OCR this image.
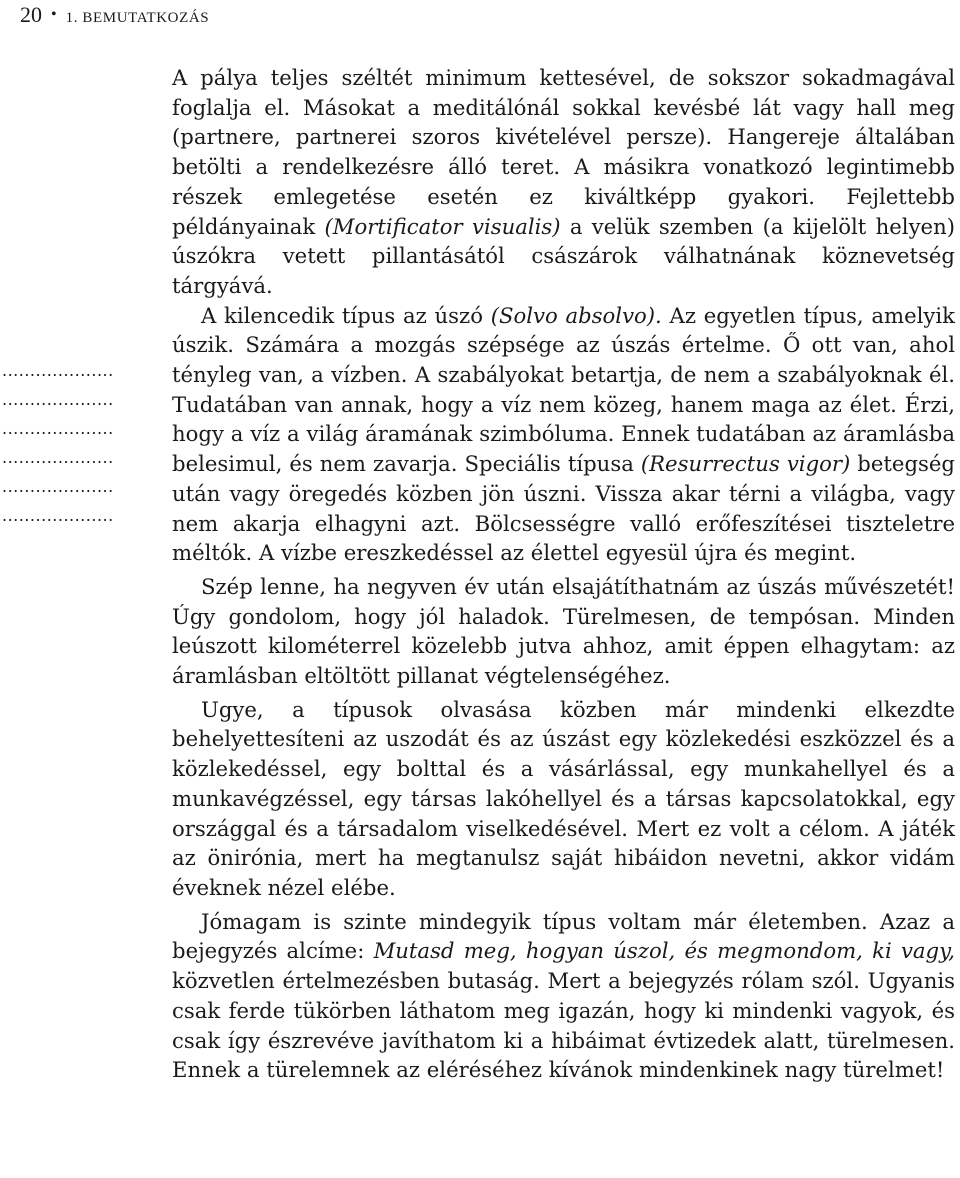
20 • 1. BEMUTATKOZÁS
....................
....................
....................
....................
....................
....................

A pálya teljes széltét minimum kettesével, de sokszor sokadmagával foglalja el. Másokat a meditálónál sokkal kevésbé lát vagy hall meg (partnere, partnerei szoros kivételével persze). Hangereje általában betölti a rendelkezésre álló teret. A másikra vonatkozó legintimebb részek emlegetése esetén ez kiváltképp gyakori. Fejlettebb példányainak (Mortificator visualis) a velük szemben (a kijelölt helyen) úszókra vetett pillantásától császárok válhatnának köznevetség tárgyává.

A kilencedik típus az úszó (Solvo absolvo). Az egyetlen típus, amelyik úszik. Számára a mozgás szépsége az úszás értelme. Ő ott van, ahol tényleg van, a vízben. A szabályokat betartja, de nem a szabályoknak él. Tudatában van annak, hogy a víz nem közeg, hanem maga az élet. Érzi, hogy a víz a világ áramának szimbóluma. Ennek tudatában az áramlásba belesimul, és nem zavarja. Speciális típusa (Resurrectus vigor) betegség után vagy öregedés közben jön úszni. Vissza akar térni a világba, vagy nem akarja elhagyni azt. Bölcsességre valló erőfeszítései tiszteletre méltók. A vízbe ereszkedéssel az élettel egyesül újra és megint.

Szép lenne, ha negyven év után elsajátíthatnám az úszás művészetét! Úgy gondolom, hogy jól haladok. Türelmesen, de tempósan. Minden leúszott kilométerrel közelebb jutva ahhoz, amit éppen elhagytam: az áramlásban eltöltött pillanat végtelenségéhez.

Ugye, a típusok olvasása közben már mindenki elkezdte behelyettesíteni az uszodát és az úszást egy közlekedési eszközzel és a közlekedéssel, egy bolttal és a vásárlással, egy munkahellyel és a munkavégzéssel, egy társas lakóhellyel és a társas kapcsolatokkal, egy országgal és a társadalom viselkedésével. Mert ez volt a célom. A játék az önirónia, mert ha megtanulsz saját hibáidon nevetni, akkor vidám éveknek nézel elébe.

Jómagam is szinte mindegyik típus voltam már életemben. Azaz a bejegyzés alcíme: Mutasd meg, hogyan úszol, és megmondom, ki vagy, közvetlen értelmezésben butaság. Mert a bejegyzés rólam szól. Ugyanis csak ferde tükörben láthatom meg igazán, hogy ki mindenki vagyok, és csak így észrevéve javíthatom ki a hibáimat évtizedek alatt, türelmesen. Ennek a türelemnek az eléréséhez kívánok mindenkinek nagy türelmet!
